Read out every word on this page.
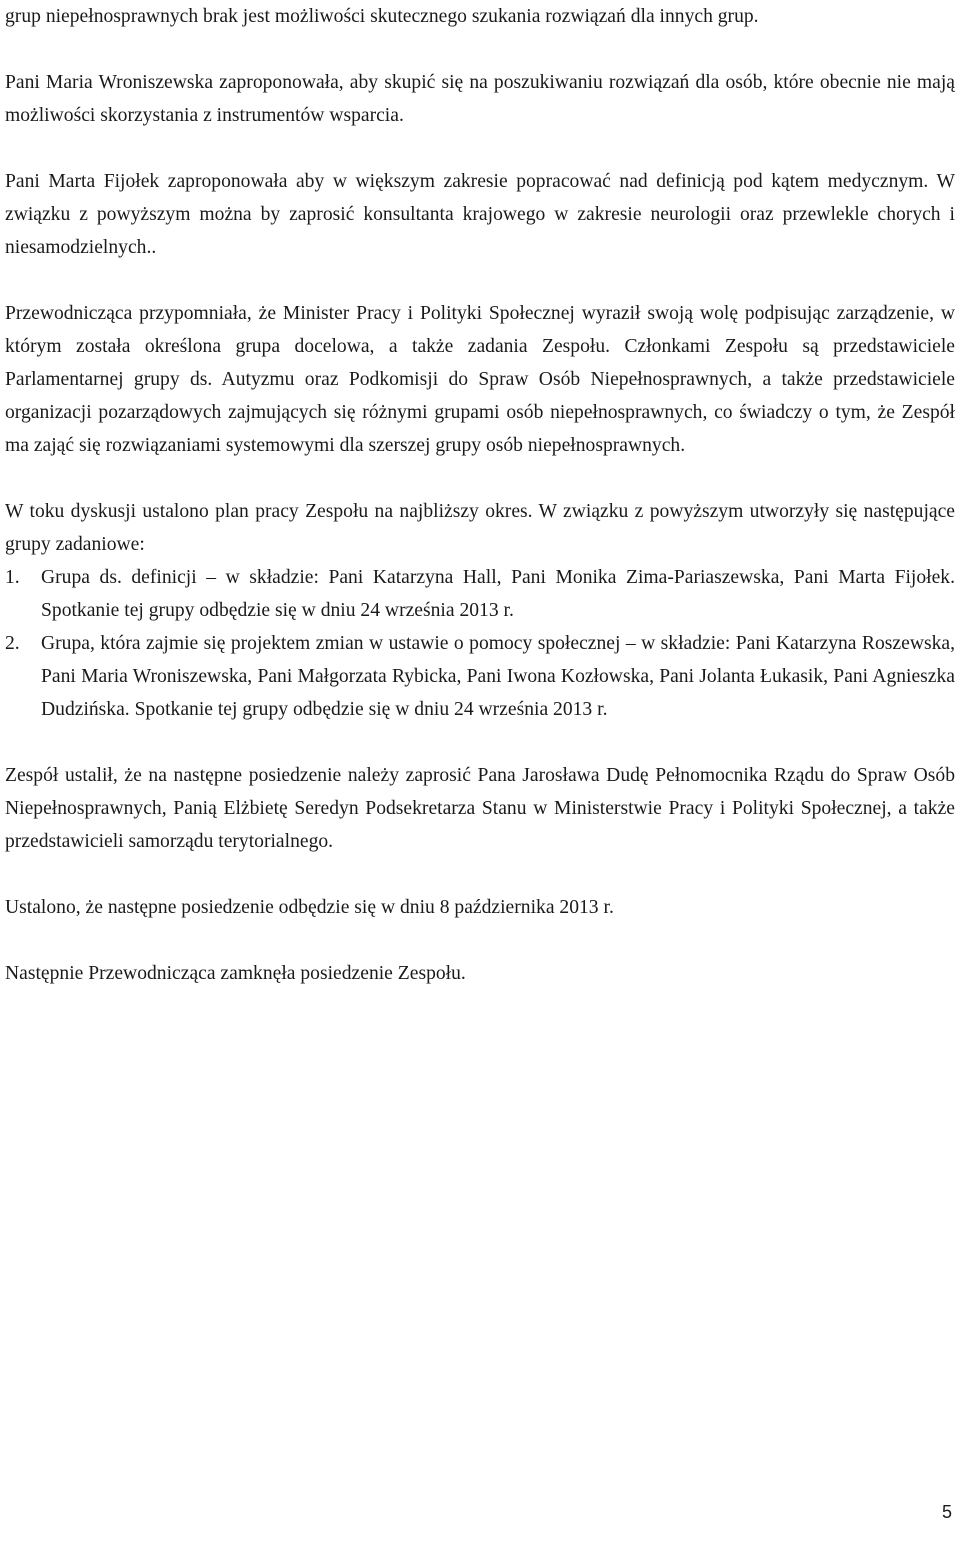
grup niepełnosprawnych brak jest możliwości skutecznego szukania rozwiązań dla innych grup.

Pani Maria Wroniszewska zaproponowała, aby skupić się na poszukiwaniu rozwiązań dla osób, które obecnie nie mają możliwości skorzystania z instrumentów wsparcia.

Pani Marta Fijołek zaproponowała aby w większym zakresie popracować nad definicją pod kątem medycznym. W związku z powyższym można by zaprosić konsultanta krajowego w zakresie neurologii oraz przewlekle chorych i niesamodzielnych..

Przewodnicząca przypomniała, że Minister Pracy i Polityki Społecznej wyraził swoją wolę podpisując zarządzenie, w którym została określona grupa docelowa, a także zadania Zespołu. Członkami Zespołu są przedstawiciele Parlamentarnej grupy ds. Autyzmu oraz Podkomisji do Spraw Osób Niepełnosprawnych, a także przedstawiciele organizacji pozarządowych zajmujących się różnymi grupami osób niepełnosprawnych, co świadczy o tym, że Zespół ma zająć się rozwiązaniami systemowymi dla szerszej grupy osób niepełnosprawnych.

W toku dyskusji ustalono plan pracy Zespołu na najbliższy okres. W związku z powyższym utworzyły się następujące grupy zadaniowe:

1.	Grupa ds. definicji – w składzie: Pani Katarzyna Hall, Pani Monika Zima-Pariaszewska, Pani Marta Fijołek. Spotkanie tej grupy odbędzie się w dniu 24 września 2013 r.
2.	Grupa, która zajmie się projektem zmian w ustawie o pomocy społecznej – w składzie: Pani Katarzyna Roszewska, Pani Maria Wroniszewska, Pani Małgorzata Rybicka, Pani Iwona Kozłowska, Pani Jolanta Łukasik, Pani Agnieszka Dudzińska. Spotkanie tej grupy odbędzie się w dniu 24 września 2013 r.

Zespół ustalił, że na następne posiedzenie należy zaprosić Pana Jarosława Dudę Pełnomocnika Rządu do Spraw Osób Niepełnosprawnych, Panią Elżbietę Seredyn Podsekretarza Stanu w Ministerstwie Pracy i Polityki Społecznej, a także przedstawicieli samorządu terytorialnego.

Ustalono, że następne posiedzenie odbędzie się w dniu 8 października 2013 r.

Następnie Przewodnicząca zamknęła posiedzenie Zespołu.

5
